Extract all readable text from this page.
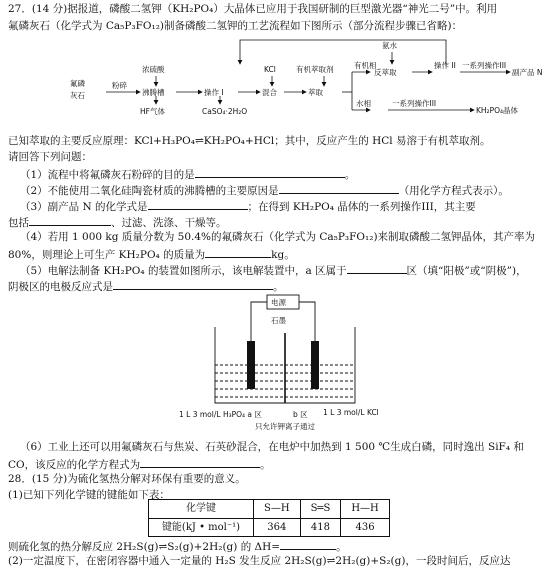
27．(14 分)据报道，磷酸二氢钾（KH₂PO₄）大晶体已应用于我国研制的巨型激光器“神光二号”中。利用
氟磷灰石（化学式为 Ca₅P₃FO₁₂)制备磷酸二氢钾的工艺流程如下图所示（部分流程步骤已省略)：
氟磷
灰石
粉碎
浓硫酸
沸腾槽	操作 I
HF气体	CaSO₄·2H₂O
KCl
混合
有机萃取剂
萃取
氨水
有机相
反萃取
操作 II 一系列操作III
副产品 N
水相	一系列操作III
KH₂PO₄晶体
已知萃取的主要反应原理：KCl+H₃PO₄⇌KH₂PO₄+HCl；其中，反应产生的 HCl 易溶于有机萃取剂。
请回答下列问题：
（1）流程中将氟磷灰石粉碎的目的是	。
（2）不能使用二氧化硅陶瓷材质的沸腾槽的主要原因是	（用化学方程式表示）。
（3）副产品 N 的化学式是	；在得到 KH₂PO₄ 晶体的一系列操作III，其主要
包括	、过滤、洗涤、干燥等。
（4）若用 1 000 kg 质量分数为 50.4%的氟磷灰石（化学式为 Ca₅P₃FO₁₂)来制取磷酸二氢钾晶体，其产率为
80%，则理论上可生产 KH₂PO₄ 的质量为	kg。
（5）电解法制备 KH₂PO₄ 的装置如图所示，该电解装置中，a 区属于	区（填“阳极”或“阴极”)，
阴极区的电极反应式是	。
电源
石墨
1 L 3 mol/L H₃PO₄ a 区	b 区 1 L 3 mol/L KCl
只允许钾离子通过
（6）工业上还可以用氟磷灰石与焦炭、石英砂混合，在电炉中加热到 1 500 ℃生成白磷，同时逸出 SiF₄ 和
CO，该反应的化学方程式为	。
28．(15 分)为硫化氢热分解对环保有重要的意义。
(1)已知下列化学键的键能如下表：
化学键	S—H	S═S	H—H
键能(kJ • mol⁻¹)	364	418	436
则硫化氢的热分解反应 2H₂S(g)⇌S₂(g)+2H₂(g) 的 ΔH=	。
(2)一定温度下，在密闭容器中通入一定量的 H₂S 发生反应 2H₂S(g)⇌2H₂(g)+S₂(g)，一段时间后，反应达
